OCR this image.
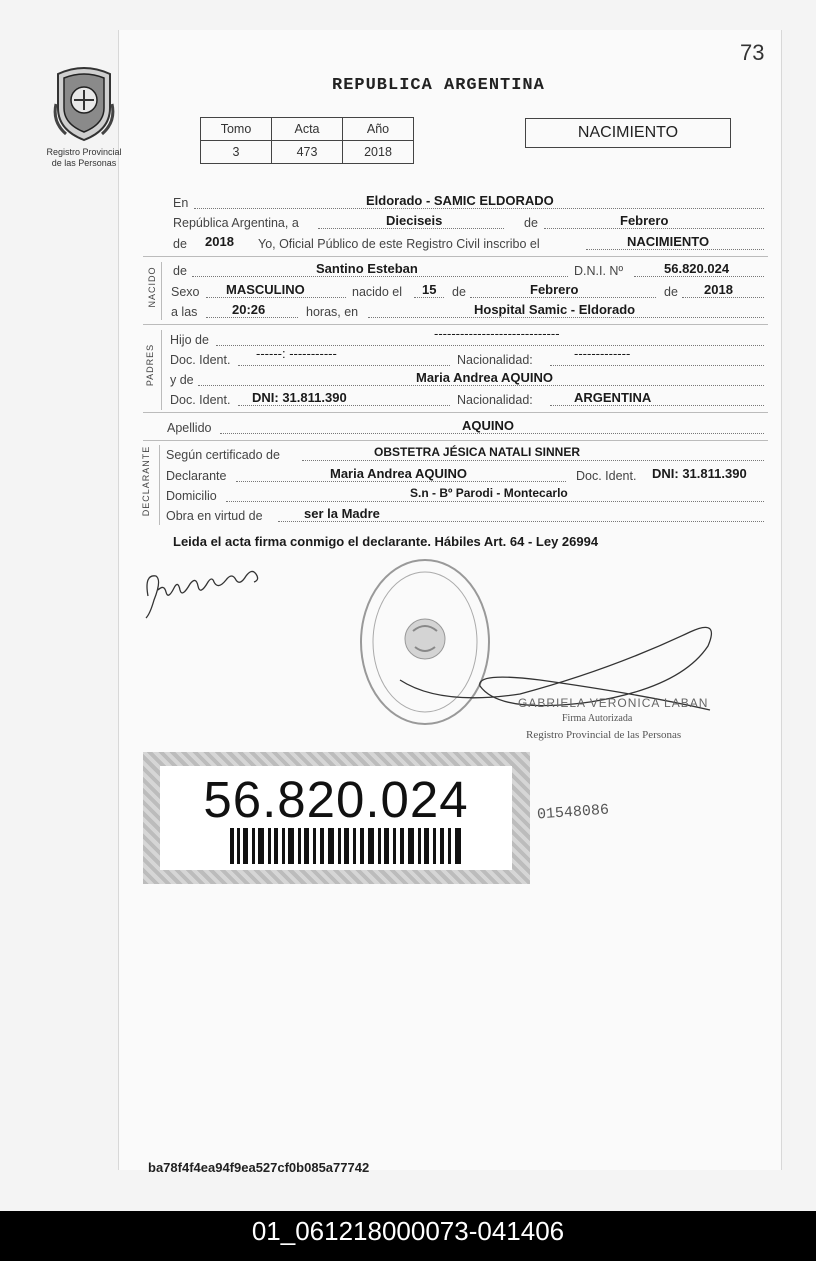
73
Registro Provincial
de las Personas
REPUBLICA ARGENTINA
Tomo	Acta	Año
3	473	2018
NACIMIENTO
En	Eldorado - SAMIC ELDORADO
República Argentina, a	Dieciseis	de	Febrero
de 2018 Yo, Oficial Público de este Registro Civil inscribo el	NACIMIENTO
de	Santino Esteban	D.N.I. Nº	56.820.024
Sexo MASCULINO	nacido el 15 de	Febrero	de 2018
a las	20:26	horas, en	Hospital Samic - Eldorado
Hijo de	-----------------------------
Doc. Ident. ------: -----------	Nacionalidad:	-------------
y de	Maria Andrea AQUINO
Doc. Ident. DNI: 31.811.390	Nacionalidad:	ARGENTINA
Apellido	AQUINO
Según certificado de	OBSTETRA JÉSICA NATALI SINNER
Declarante	Maria Andrea AQUINO	Doc. Ident. DNI: 31.811.390
Domicilio	S.n - Bº Parodi - Montecarlo
Obra en virtud de	ser la Madre
NACIDO
PADRES
DECLARANTE
Leida el acta firma conmigo el declarante. Hábiles Art. 64 - Ley 26994
GABRIELA VERONICA LABAN
Firma Autorizada
Registro Provincial de las Personas
56.820.024	01548086
ba78f4f4ea94f9ea527cf0b085a77742
01_061218000073-041406
